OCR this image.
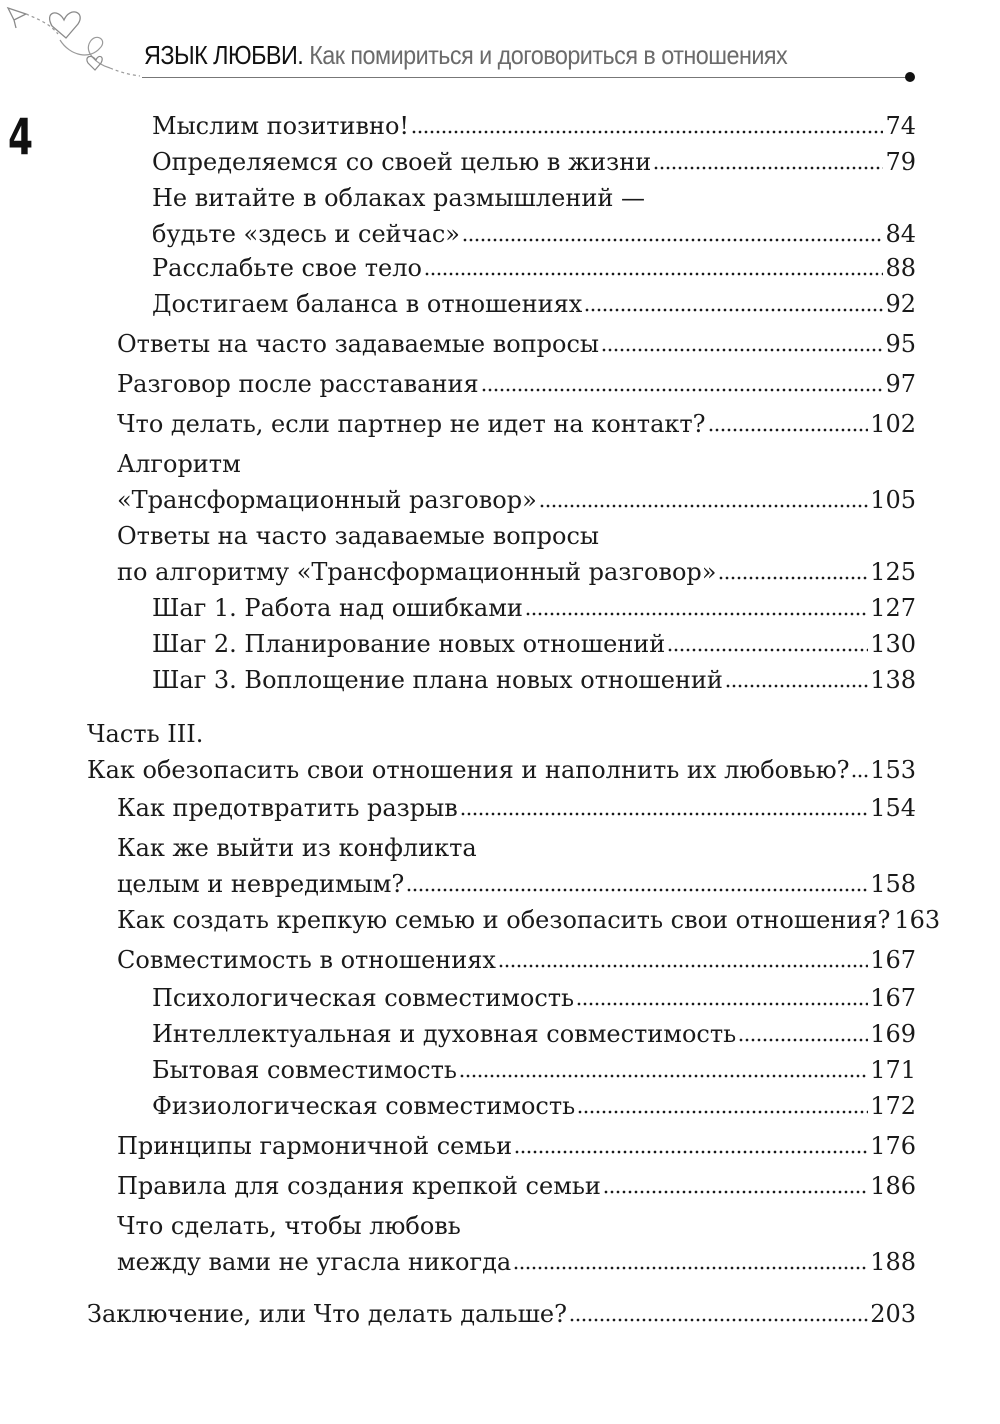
ЯЗЫК ЛЮБВИ. Как помириться и договориться в отношениях
4	Мыслим позитивно!	74
Определяемся со своей целью в жизни	79
Не витайте в облаках размышлений —
будьте «здесь и сейчас»	84
Расслабьте свое тело	88
Достигаем баланса в отношениях	92
Ответы на часто задаваемые вопросы	95
Разговор после расставания	97
Что делать, если партнер не идет на контакт?	102
Алгоритм
«Трансформационный разговор»	105
Ответы на часто задаваемые вопросы
по алгоритму «Трансформационный разговор»	125
Шаг 1. Работа над ошибками	127
Шаг 2. Планирование новых отношений	130
Шаг 3. Воплощение плана новых отношений	138
Часть III.
Как обезопасить свои отношения и наполнить их любовью? 153
Как предотвратить разрыв	154
Как же выйти из конфликта
целым и невредимым?	158
Как создать крепкую семью и обезопасить свои отношения? 163
Совместимость в отношениях	167
Психологическая совместимость	167
Интеллектуальная и духовная совместимость	169
Бытовая совместимость	171
Физиологическая совместимость	172
Принципы гармоничной семьи	176
Правила для создания крепкой семьи	186
Что сделать, чтобы любовь
между вами не угасла никогда	188
Заключение, или Что делать дальше?	203
